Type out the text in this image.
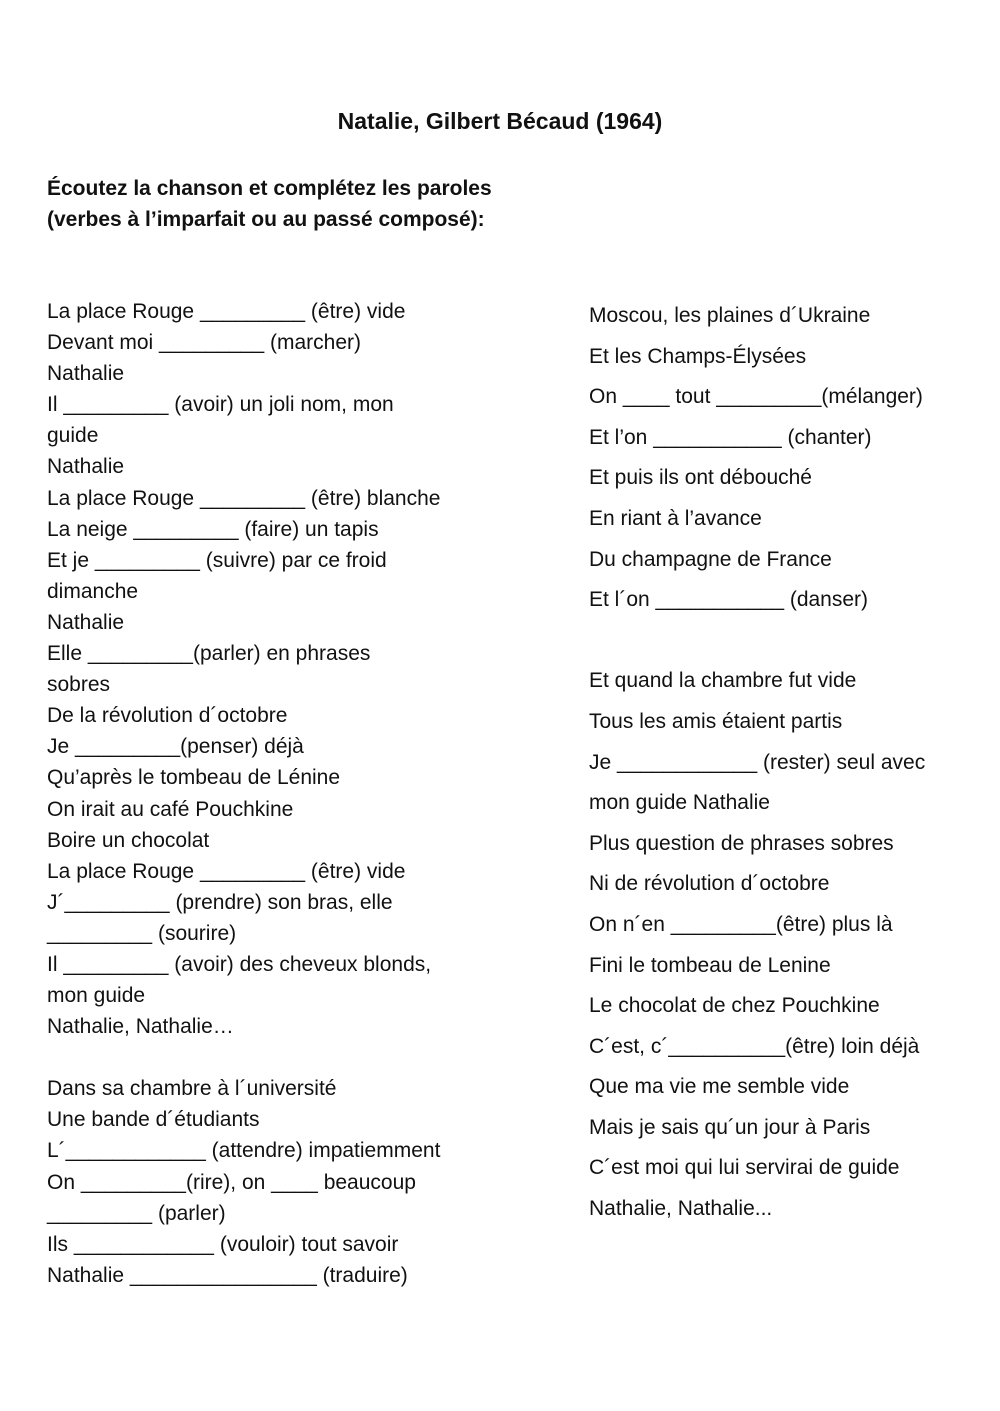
Natalie, Gilbert Bécaud (1964)
Écoutez la chanson et complétez les paroles
(verbes à l’imparfait ou au passé composé):
La place Rouge _________ (être) vide
Devant moi _________ (marcher)
Nathalie
Il _________ (avoir) un joli nom, mon
guide
Nathalie
La place Rouge _________ (être) blanche
La neige _________ (faire) un tapis
Et je _________ (suivre) par ce froid
dimanche
Nathalie
Elle _________(parler) en phrases
sobres
De la révolution d´octobre
Je _________(penser) déjà
Qu’après le tombeau de Lénine
On irait au café Pouchkine
Boire un chocolat
La place Rouge _________ (être) vide
J´_________ (prendre) son bras, elle
_________ (sourire)
Il _________ (avoir) des cheveux blonds,
mon guide
Nathalie, Nathalie…
Dans sa chambre à l´université
Une bande d´étudiants
L´____________ (attendre) impatiemment
On _________(rire), on ____ beaucoup
_________ (parler)
Ils ____________ (vouloir) tout savoir
Nathalie ________________ (traduire)
Moscou, les plaines d´Ukraine
Et les Champs-Élysées
On ____ tout _________(mélanger)
Et l’on ___________ (chanter)
Et puis ils ont débouché
En riant à l’avance
Du champagne de France
Et l´on ___________ (danser)
Et quand la chambre fut vide
Tous les amis étaient partis
Je ____________ (rester) seul avec
mon guide Nathalie
Plus question de phrases sobres
Ni de révolution d´octobre
On n´en _________(être) plus là
Fini le tombeau de Lenine
Le chocolat de chez Pouchkine
C´est, c´__________(être) loin déjà
Que ma vie me semble vide
Mais je sais qu´un jour à Paris
C´est moi qui lui servirai de guide
Nathalie, Nathalie...
